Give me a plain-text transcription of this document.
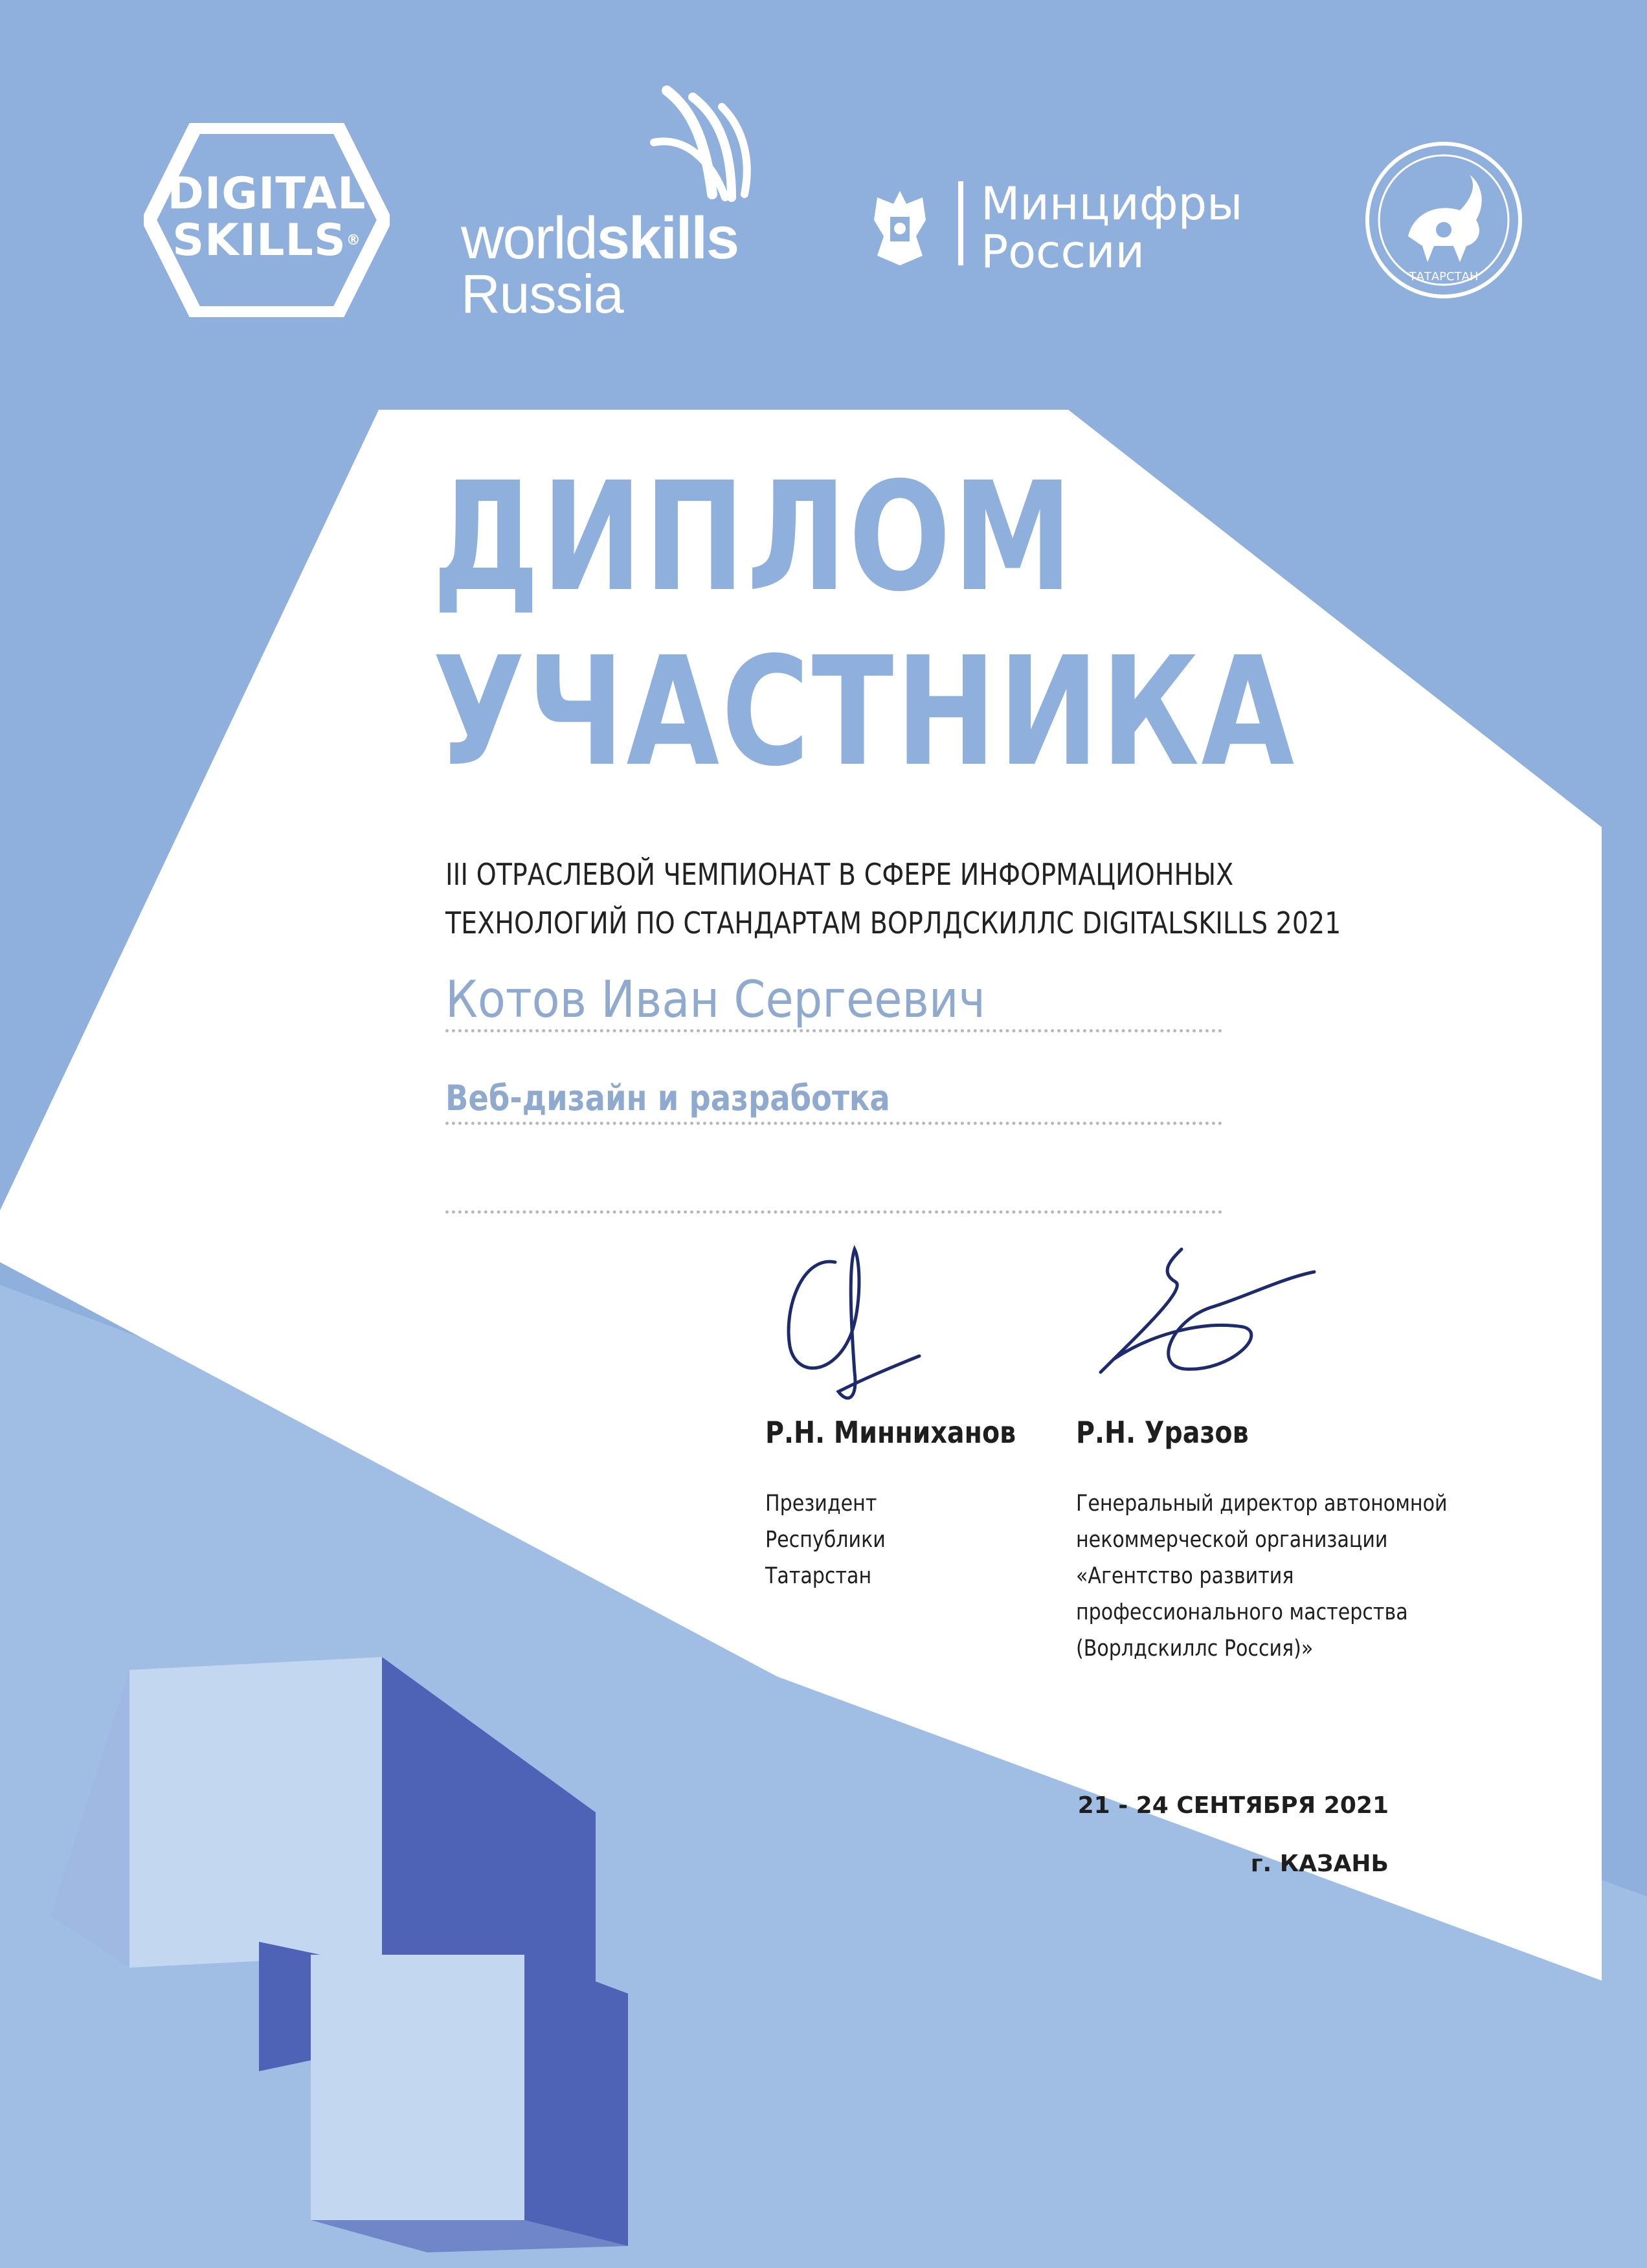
DIGITAL
SKILLS®	worldskills
Russia
Минцифры
России	ТАТАРСТАН
ДИПЛОМ
УЧАСТНИКА
III ОТРАСЛЕВОЙ ЧЕМПИОНАТ В СФЕРЕ ИНФОРМАЦИОННЫХ
ТЕХНОЛОГИЙ ПО СТАНДАРТАМ ВОРЛДСКИЛЛС DIGITALSKILLS 2021
Котов Иван Сергеевич
Веб-дизайн и разработка
Р.Н. Минниханов
Президент
Республики
Татарстан
Р.Н. Уразов
Генеральный директор автономной
некоммерческой организации
«Агентство развития
профессионального мастерства
(Ворлдскиллс Россия)»
21 - 24 СЕНТЯБРЯ 2021
г. КАЗАНЬ
